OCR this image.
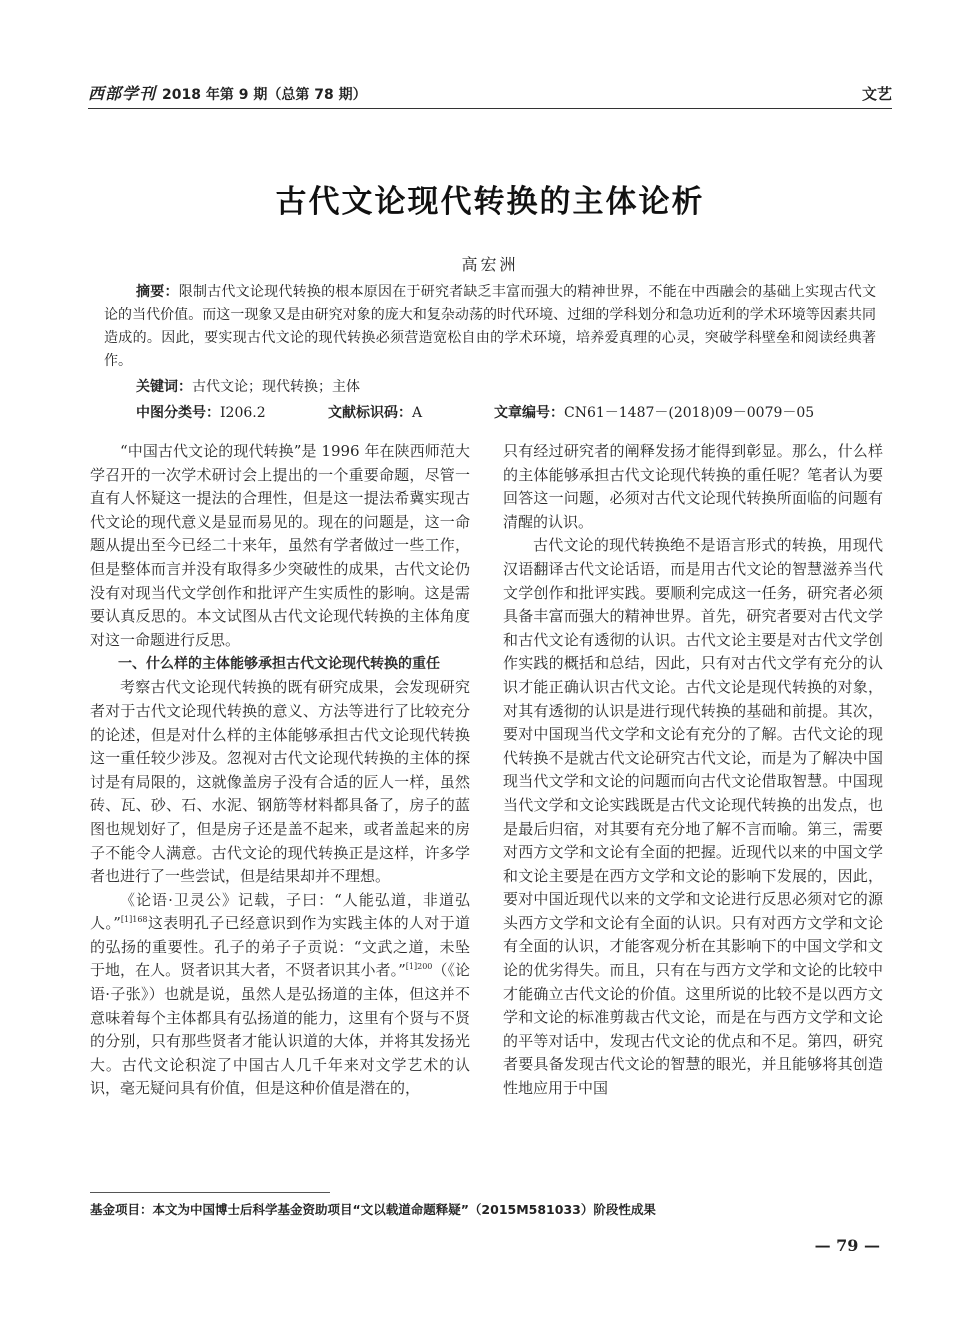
西部学刊 2018 年第 9 期（总第 78 期）	文艺
古代文论现代转换的主体论析
高宏洲

摘要：限制古代文论现代转换的根本原因在于研究者缺乏丰富而强大的精神世界，不能在中西融会的基础上实现古代文论的当代价值。而这一现象又是由研究对象的庞大和复杂动荡的时代环境、过细的学科划分和急功近利的学术环境等因素共同造成的。因此，要实现古代文论的现代转换必须营造宽松自由的学术环境，培养爱真理的心灵，突破学科壁垒和阅读经典著作。

关键词：古代文论；现代转换；主体
中图分类号：I206.2	文献标识码：A	文章编号：CN61－1487－(2018)09－0079－05

“中国古代文论的现代转换”是 1996 年在陕西师范大学召开的一次学术研讨会上提出的一个重要命题，尽管一直有人怀疑这一提法的合理性，但是这一提法希冀实现古代文论的现代意义是显而易见的。现在的问题是，这一命题从提出至今已经二十来年，虽然有学者做过一些工作，但是整体而言并没有取得多少突破性的成果，古代文论仍没有对现当代文学创作和批评产生实质性的影响。这是需要认真反思的。本文试图从古代文论现代转换的主体角度对这一命题进行反思。

一、什么样的主体能够承担古代文论现代转换的重任

考察古代文论现代转换的既有研究成果，会发现研究者对于古代文论现代转换的意义、方法等进行了比较充分的论述，但是对什么样的主体能够承担古代文论现代转换这一重任较少涉及。忽视对古代文论现代转换的主体的探讨是有局限的，这就像盖房子没有合适的匠人一样，虽然砖、瓦、砂、石、水泥、钢筋等材料都具备了，房子的蓝图也规划好了，但是房子还是盖不起来，或者盖起来的房子不能令人满意。古代文论的现代转换正是这样，许多学者也进行了一些尝试，但是结果却并不理想。

《论语·卫灵公》记载，子曰：“人能弘道，非道弘人。”$^{[1]168}$这表明孔子已经意识到作为实践主体的人对于道的弘扬的重要性。孔子的弟子子贡说：“文武之道，未坠于地，在人。贤者识其大者，不贤者识其小者。”$^{[1]200}$（《论语·子张》）也就是说，虽然人是弘扬道的主体，但这并不意味着每个主体都具有弘扬道的能力，这里有个贤与不贤的分别，只有那些贤者才能认识道的大体，并将其发扬光大。古代文论积淀了中国古人几千年来对文学艺术的认识，毫无疑问具有价值，但是这种价值是潜在的，

只有经过研究者的阐释发扬才能得到彰显。那么，什么样的主体能够承担古代文论现代转换的重任呢？笔者认为要回答这一问题，必须对古代文论现代转换所面临的问题有清醒的认识。

古代文论的现代转换绝不是语言形式的转换，用现代汉语翻译古代文论话语，而是用古代文论的智慧滋养当代文学创作和批评实践。要顺利完成这一任务，研究者必须具备丰富而强大的精神世界。首先，研究者要对古代文学和古代文论有透彻的认识。古代文论主要是对古代文学创作实践的概括和总结，因此，只有对古代文学有充分的认识才能正确认识古代文论。古代文论是现代转换的对象，对其有透彻的认识是进行现代转换的基础和前提。其次，要对中国现当代文学和文论有充分的了解。古代文论的现代转换不是就古代文论研究古代文论，而是为了解决中国现当代文学和文论的问题而向古代文论借取智慧。中国现当代文学和文论实践既是古代文论现代转换的出发点，也是最后归宿，对其要有充分地了解不言而喻。第三，需要对西方文学和文论有全面的把握。近现代以来的中国文学和文论主要是在西方文学和文论的影响下发展的，因此，要对中国近现代以来的文学和文论进行反思必须对它的源头西方文学和文论有全面的认识。只有对西方文学和文论有全面的认识，才能客观分析在其影响下的中国文学和文论的优劣得失。而且，只有在与西方文学和文论的比较中才能确立古代文论的价值。这里所说的比较不是以西方文学和文论的标准剪裁古代文论，而是在与西方文学和文论的平等对话中，发现古代文论的优点和不足。第四，研究者要具备发现古代文论的智慧的眼光，并且能够将其创造性地应用于中国

基金项目：本文为中国博士后科学基金资助项目“文以载道命题释疑”（2015M581033）阶段性成果
— 79 —
